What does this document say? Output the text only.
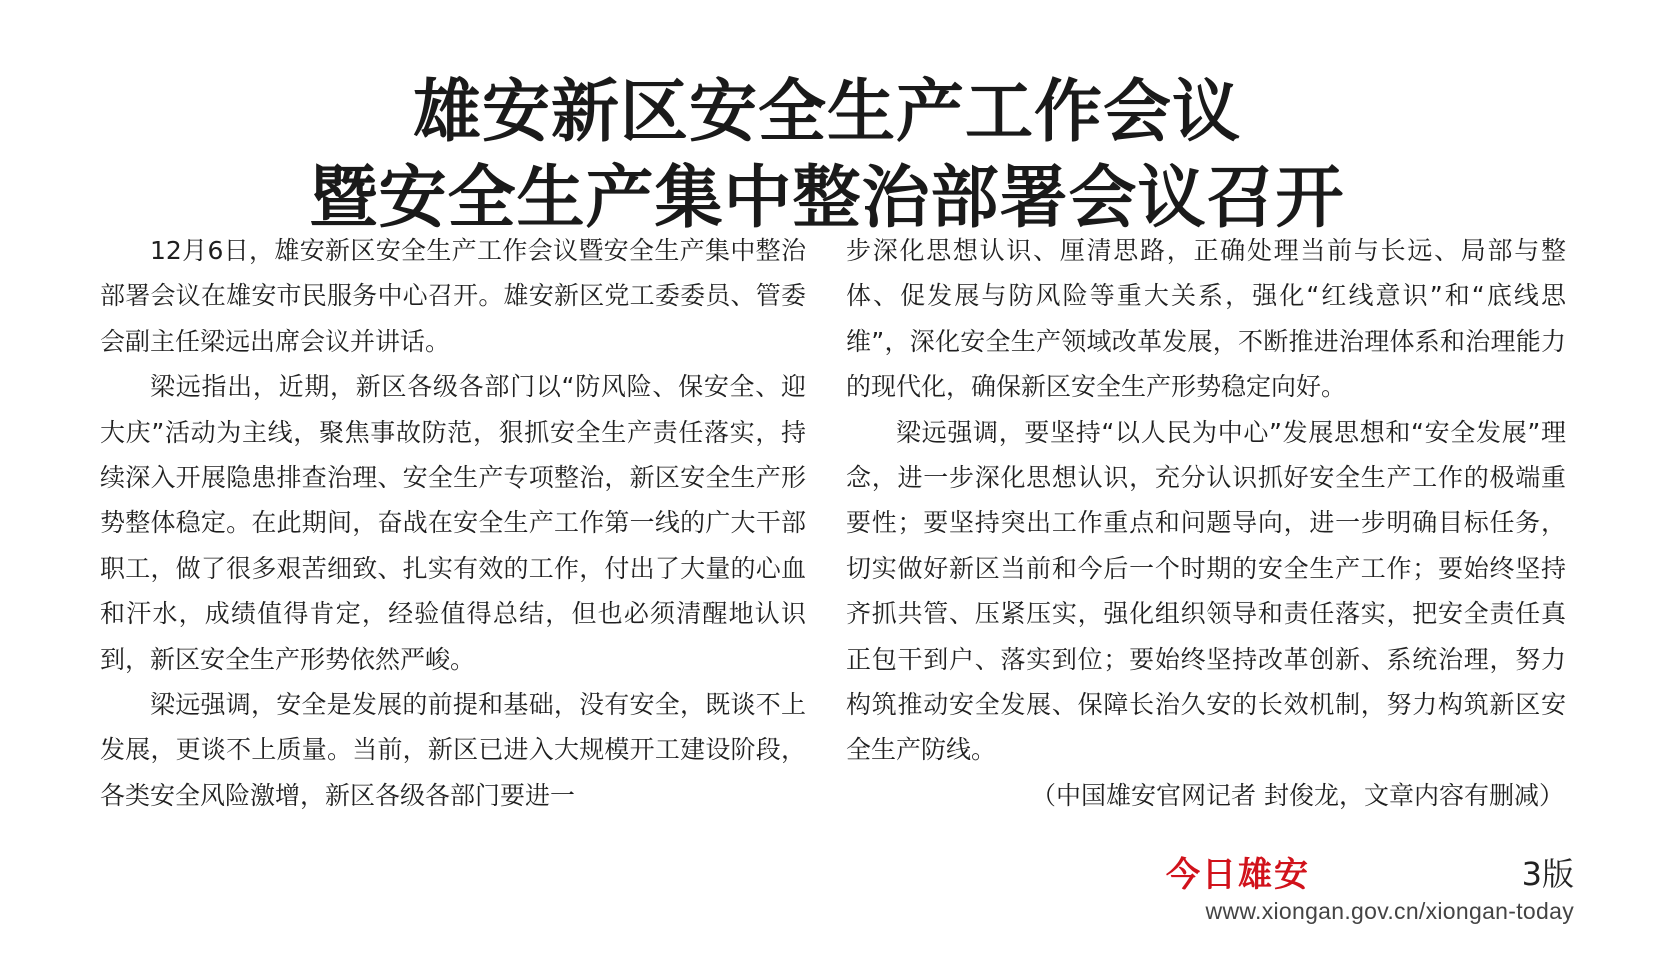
雄安新区安全生产工作会议
暨安全生产集中整治部署会议召开

12月6日，雄安新区安全生产工作会议暨安全生产集中整治部署会议在雄安市民服务中心召开。雄安新区党工委委员、管委会副主任梁远出席会议并讲话。

梁远指出，近期，新区各级各部门以“防风险、保安全、迎大庆”活动为主线，聚焦事故防范，狠抓安全生产责任落实，持续深入开展隐患排查治理、安全生产专项整治，新区安全生产形势整体稳定。在此期间，奋战在安全生产工作第一线的广大干部职工，做了很多艰苦细致、扎实有效的工作，付出了大量的心血和汗水，成绩值得肯定，经验值得总结，但也必须清醒地认识到，新区安全生产形势依然严峻。

梁远强调，安全是发展的前提和基础，没有安全，既谈不上发展，更谈不上质量。当前，新区已进入大规模开工建设阶段，各类安全风险激增，新区各级各部门要进一

步深化思想认识、厘清思路，正确处理当前与长远、局部与整体、促发展与防风险等重大关系，强化“红线意识”和“底线思维”，深化安全生产领域改革发展，不断推进治理体系和治理能力的现代化，确保新区安全生产形势稳定向好。

梁远强调，要坚持“以人民为中心”发展思想和“安全发展”理念，进一步深化思想认识，充分认识抓好安全生产工作的极端重要性；要坚持突出工作重点和问题导向，进一步明确目标任务，切实做好新区当前和今后一个时期的安全生产工作；要始终坚持齐抓共管、压紧压实，强化组织领导和责任落实，把安全责任真正包干到户、落实到位；要始终坚持改革创新、系统治理，努力构筑推动安全发展、保障长治久安的长效机制，努力构筑新区安全生产防线。

（中国雄安官网记者 封俊龙，文章内容有删减）

今日雄安	3版
www.xiongan.gov.cn/xiongan-today
